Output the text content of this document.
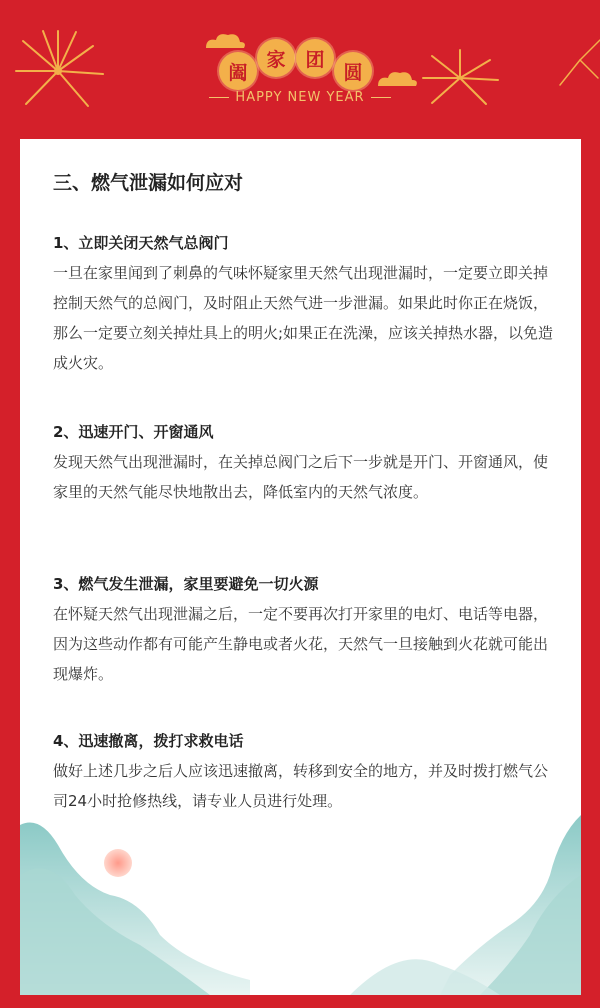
阖
家	团
圆
HAPPY NEW YEAR
三、燃气泄漏如何应对

1、立即关闭天然气总阀门

一旦在家里闻到了刺鼻的气味怀疑家里天然气出现泄漏时，一定要立即关掉控制天然气的总阀门，及时阻止天然气进一步泄漏。如果此时你正在烧饭，那么一定要立刻关掉灶具上的明火;如果正在洗澡，应该关掉热水器，以免造成火灾。

2、迅速开门、开窗通风

发现天然气出现泄漏时，在关掉总阀门之后下一步就是开门、开窗通风，使家里的天然气能尽快地散出去，降低室内的天然气浓度。

3、燃气发生泄漏，家里要避免一切火源

在怀疑天然气出现泄漏之后，一定不要再次打开家里的电灯、电话等电器，因为这些动作都有可能产生静电或者火花，天然气一旦接触到火花就可能出现爆炸。

4、迅速撤离，拨打求救电话

做好上述几步之后人应该迅速撤离，转移到安全的地方，并及时拨打燃气公司24小时抢修热线，请专业人员进行处理。
